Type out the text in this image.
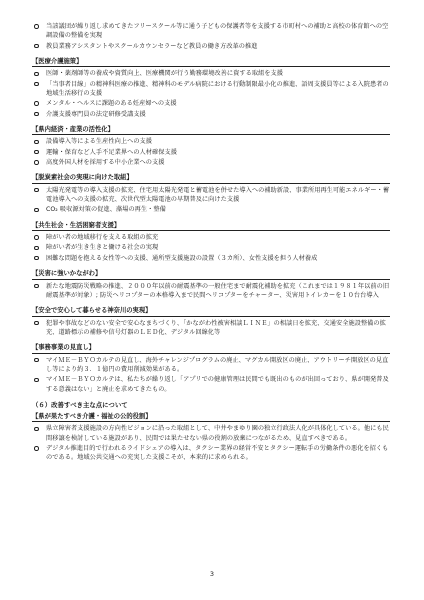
当該議団が繰り返し求めてきたフリースクール等に通う子どもの保護者等を支援する市町村への補助と高校の体育館への空調設備の整備を実現
教員業務アシスタントやスクールカウンセラーなど教員の働き方改革の推進
【医療介護施策】
医師・薬剤師等の養成や資質向上、医療機関が行う勤務環境改善に資する取組を支援
「当事者目線」の精神科医療の推進、精神科のモデル病院における行動制限最小化の推進、語周支援員等による入院患者の地域生活移行の支援
メンタル・ヘルスに課題のある妊産婦への支援
介護支援専門員の法定研修受講支援
【県内経済・産業の活性化】
設備導入等による生産性向上への支援
運輸・保育など人手不足業界への人材確保支援
高度外国人材を採用する中小企業への支援
【脱炭素社会の実現に向けた取組】
太陽光発電等の導入支援の拡充、住宅用太陽光発電と蓄電池を併せた導入への補助新設、事業所用再生可能エネルギー・蓄電池導入への支援の拡充、次世代型太陽電池の早期普及に向けた支援
CO₂ 吸収源対策の促進、藻場の再生・整備
【共生社会・生活困窮者支援】
障がい者の地域移行を支える取組の拡充
障がい者が生き生きと働ける社会の実現
困難な問題を抱える女性等への支援、通所型支援施設の設置（３カ所）、女性支援を担う人材養成
【災害に強いかながわ】
新たな地震防災戦略の推進、２０００年以前の耐震基準の一般住宅まで耐震化補助を拡充（これまでは１９８１年以前の旧耐震基準が対象）; 防災ヘリコプターの本格導入まで民間ヘリコプターをチャーター、災害用トイレカーを１０台台導入
【安全で安心して暮らせる神奈川の実現】
犯罪や事故などのない安全で安心なまちづくり、「かながわ性被害相談ＬＩＮＥ」の相談日を拡充、交通安全施設整備の拡充、道路標示の補修や信号灯器のＬＥＤ化、デジタル回線化等
【事務事業の見直し】
マイＭＥ－ＢＹＯカルテの見直し、海外チャレンジプログラムの廃止、マグカル開放区の廃止、アウトリーチ開放区の見直し等により約３．１億円の費用削減効果がある。
マイＭＥ－ＢＹＯカルテは、私たちが繰り返し「アプリでの健康管理は民間でも既出のものが出回っており、県が開発普及する意義はない」と廃止を求めてきたもの。
（６）改善すべき主な点について
【県が果たすべき介護・福祉の公的役割】
県立障害者支援施設の方向性ビジョンに沿った取組として、中井やまゆり園の独立行政法人化が具体化している。他にも民間移譲を検討している施設があり、民間では果たせない県の役割の放棄につながるため、見直すべきである。
デジタル推進目的で行われるライドシェアの導入は、タクシー業界の経営不安とタクシー運転手の労働条件の悪化を招くものである。地域公共交通への充実した支援こそが、本来的に求められる。
3
